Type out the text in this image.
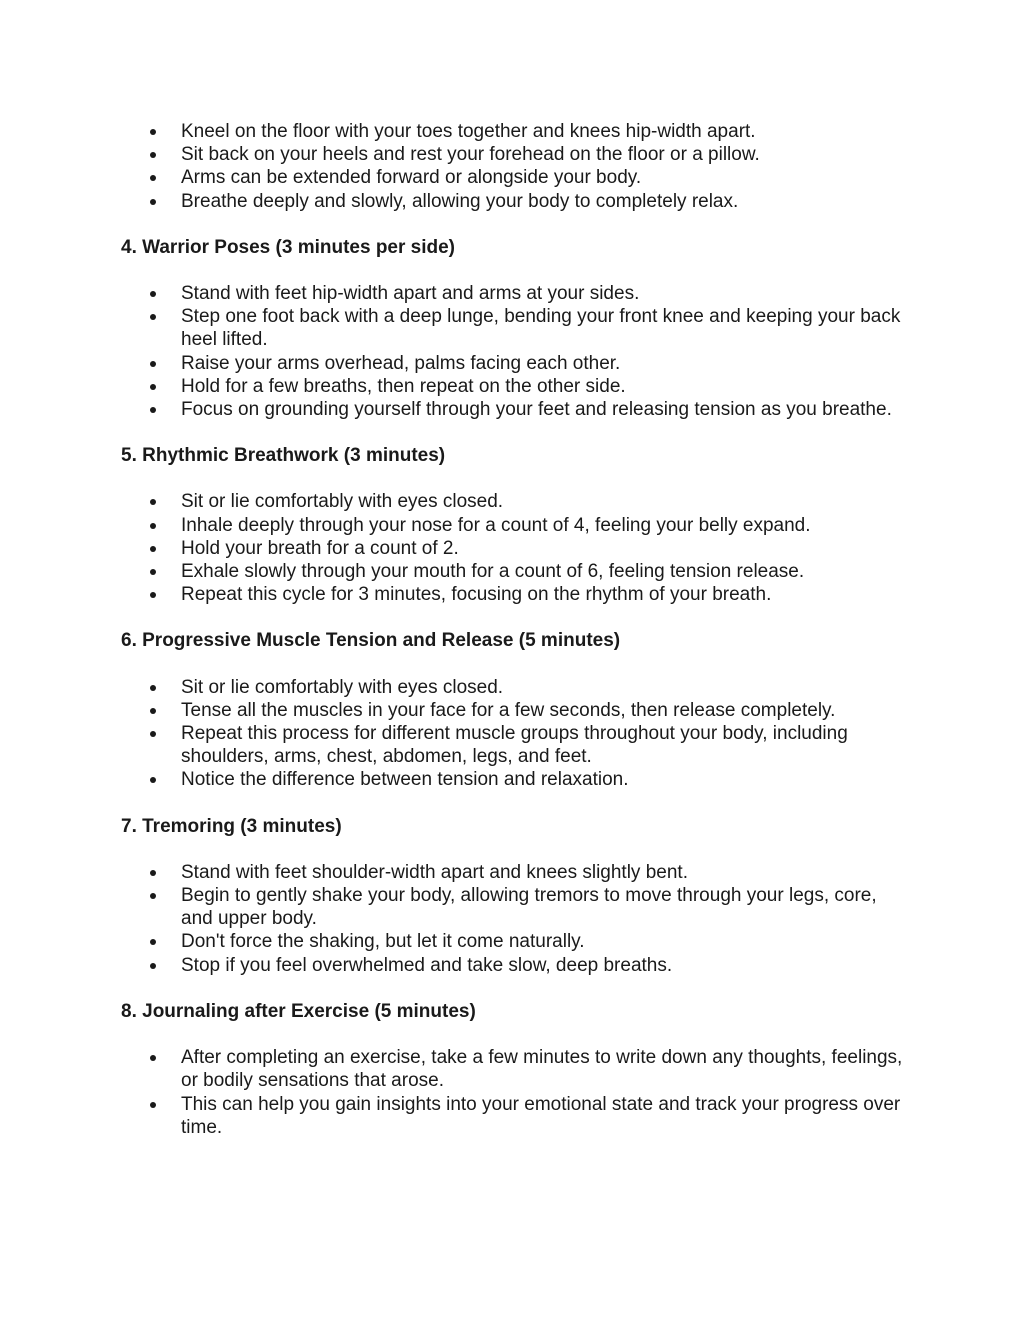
Kneel on the floor with your toes together and knees hip-width apart.
Sit back on your heels and rest your forehead on the floor or a pillow.
Arms can be extended forward or alongside your body.
Breathe deeply and slowly, allowing your body to completely relax.
4. Warrior Poses (3 minutes per side)
Stand with feet hip-width apart and arms at your sides.
Step one foot back with a deep lunge, bending your front knee and keeping your back heel lifted.
Raise your arms overhead, palms facing each other.
Hold for a few breaths, then repeat on the other side.
Focus on grounding yourself through your feet and releasing tension as you breathe.
5. Rhythmic Breathwork (3 minutes)
Sit or lie comfortably with eyes closed.
Inhale deeply through your nose for a count of 4, feeling your belly expand.
Hold your breath for a count of 2.
Exhale slowly through your mouth for a count of 6, feeling tension release.
Repeat this cycle for 3 minutes, focusing on the rhythm of your breath.
6. Progressive Muscle Tension and Release (5 minutes)
Sit or lie comfortably with eyes closed.
Tense all the muscles in your face for a few seconds, then release completely.
Repeat this process for different muscle groups throughout your body, including shoulders, arms, chest, abdomen, legs, and feet.
Notice the difference between tension and relaxation.
7. Tremoring (3 minutes)
Stand with feet shoulder-width apart and knees slightly bent.
Begin to gently shake your body, allowing tremors to move through your legs, core, and upper body.
Don't force the shaking, but let it come naturally.
Stop if you feel overwhelmed and take slow, deep breaths.
8. Journaling after Exercise (5 minutes)
After completing an exercise, take a few minutes to write down any thoughts, feelings, or bodily sensations that arose.
This can help you gain insights into your emotional state and track your progress over time.
